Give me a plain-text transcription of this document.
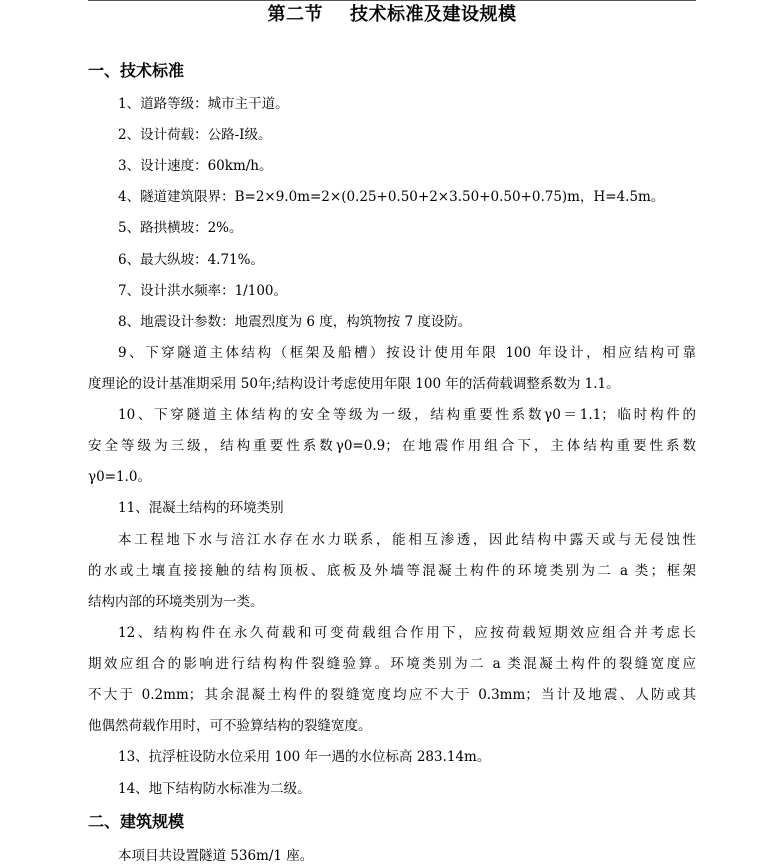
第二节    技术标准及建设规模
一、技术标准
1、道路等级：城市主干道。
2、设计荷载：公路-Ⅰ级。
3、设计速度：60km/h。
4、隧道建筑限界：B=2×9.0m=2×(0.25+0.50+2×3.50+0.50+0.75)m，H=4.5m。
5、路拱横坡：2%。
6、最大纵坡：4.71%。
7、设计洪水频率：1/100。
8、地震设计参数：地震烈度为 6 度，构筑物按 7 度设防。
9、下穿隧道主体结构（框架及船槽）按设计使用年限 100 年设计，相应结构可靠
度理论的设计基准期采用 50年;结构设计考虑使用年限 100 年的活荷载调整系数为 1.1。
10、下穿隧道主体结构的安全等级为一级，结构重要性系数γ0＝1.1；临时构件的
安全等级为三级，结构重要性系数γ0=0.9；在地震作用组合下，主体结构重要性系数
γ0=1.0。
11、混凝土结构的环境类别
本工程地下水与涪江水存在水力联系，能相互渗透，因此结构中露天或与无侵蚀性
的水或土壤直接接触的结构顶板、底板及外墙等混凝土构件的环境类别为二 a 类；框架
结构内部的环境类别为一类。
12、结构构件在永久荷载和可变荷载组合作用下，应按荷载短期效应组合并考虑长
期效应组合的影响进行结构构件裂缝验算。环境类别为二 a 类混凝土构件的裂缝宽度应
不大于 0.2mm；其余混凝土构件的裂缝宽度均应不大于 0.3mm；当计及地震、人防或其
他偶然荷载作用时，可不验算结构的裂缝宽度。
13、抗浮桩设防水位采用 100 年一遇的水位标高 283.14m。
14、地下结构防水标准为二级。
二、建筑规模
本项目共设置隧道 536m/1 座。
